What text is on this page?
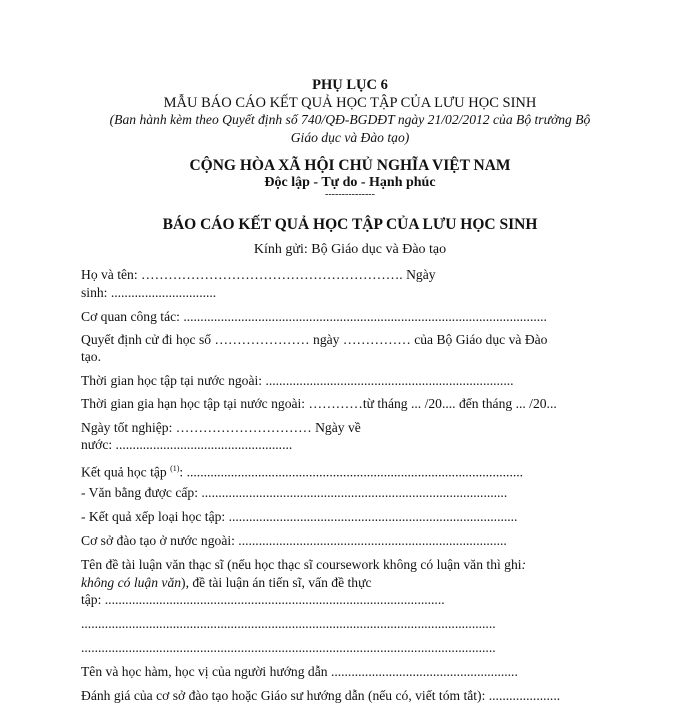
PHỤ LỤC 6
MẪU BÁO CÁO KẾT QUẢ HỌC TẬP CỦA LƯU HỌC SINH
(Ban hành kèm theo Quyết định số 740/QĐ-BGDĐT ngày 21/02/2012 của Bộ trưởng Bộ
Giáo dục và Đào tạo)
CỘNG HÒA XÃ HỘI CHỦ NGHĨA VIỆT NAM
Độc lập - Tự do - Hạnh phúc
---------------
BÁO CÁO KẾT QUẢ HỌC TẬP CỦA LƯU HỌC SINH
Kính gửi: Bộ Giáo dục và Đào tạo
Họ và tên: …………………………………………………. Ngày
sinh: ...............................
Cơ quan công tác: ...........................................................................................................
Quyết định cử đi học số ………………… ngày …………… của Bộ Giáo dục và Đào
tạo.
Thời gian học tập tại nước ngoài: .........................................................................
Thời gian gia hạn học tập tại nước ngoài: …………từ tháng ... /20.... đến tháng ... /20...
Ngày tốt nghiệp: ………………………… Ngày về
nước: ....................................................
Kết quả học tập $^{(1)}$: ...................................................................................................
- Văn bằng được cấp: ..........................................................................................
- Kết quả xếp loại học tập: .....................................................................................
Cơ sở đào tạo ở nước ngoài: ...............................................................................
Tên đề tài luận văn thạc sĩ (nếu học thạc sĩ coursework không có luận văn thì ghi:
không có luận văn), đề tài luận án tiến sĩ, vấn đề thực
tập: ....................................................................................................
..........................................................................................................................
..........................................................................................................................
Tên và học hàm, học vị của người hướng dẫn .......................................................
Đánh giá của cơ sở đào tạo hoặc Giáo sư hướng dẫn (nếu có, viết tóm tắt): .....................
